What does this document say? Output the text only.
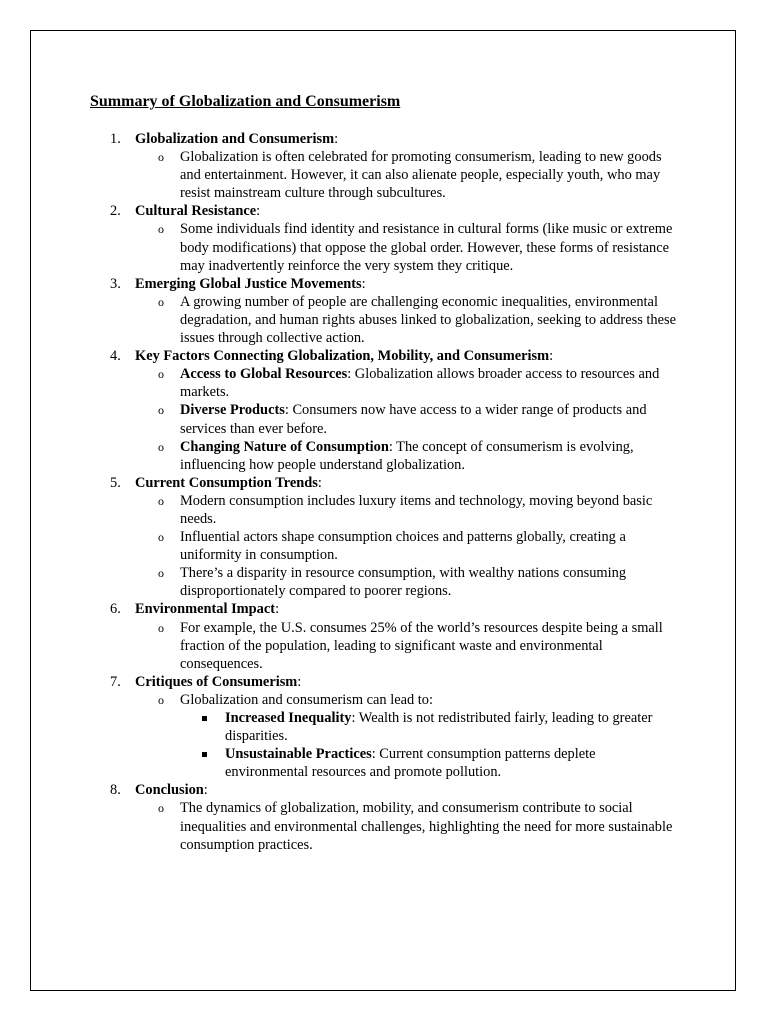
Summary of Globalization and Consumerism
1. Globalization and Consumerism:
o Globalization is often celebrated for promoting consumerism, leading to new goods and entertainment. However, it can also alienate people, especially youth, who may resist mainstream culture through subcultures.
2. Cultural Resistance:
o Some individuals find identity and resistance in cultural forms (like music or extreme body modifications) that oppose the global order. However, these forms of resistance may inadvertently reinforce the very system they critique.
3. Emerging Global Justice Movements:
o A growing number of people are challenging economic inequalities, environmental degradation, and human rights abuses linked to globalization, seeking to address these issues through collective action.
4. Key Factors Connecting Globalization, Mobility, and Consumerism:
o Access to Global Resources: Globalization allows broader access to resources and markets.
o Diverse Products: Consumers now have access to a wider range of products and services than ever before.
o Changing Nature of Consumption: The concept of consumerism is evolving, influencing how people understand globalization.
5. Current Consumption Trends:
o Modern consumption includes luxury items and technology, moving beyond basic needs.
o Influential actors shape consumption choices and patterns globally, creating a uniformity in consumption.
o There’s a disparity in resource consumption, with wealthy nations consuming disproportionately compared to poorer regions.
6. Environmental Impact:
o For example, the U.S. consumes 25% of the world’s resources despite being a small fraction of the population, leading to significant waste and environmental consequences.
7. Critiques of Consumerism:
o Globalization and consumerism can lead to:
Increased Inequality: Wealth is not redistributed fairly, leading to greater disparities.
Unsustainable Practices: Current consumption patterns deplete environmental resources and promote pollution.
8. Conclusion:
o The dynamics of globalization, mobility, and consumerism contribute to social inequalities and environmental challenges, highlighting the need for more sustainable consumption practices.
